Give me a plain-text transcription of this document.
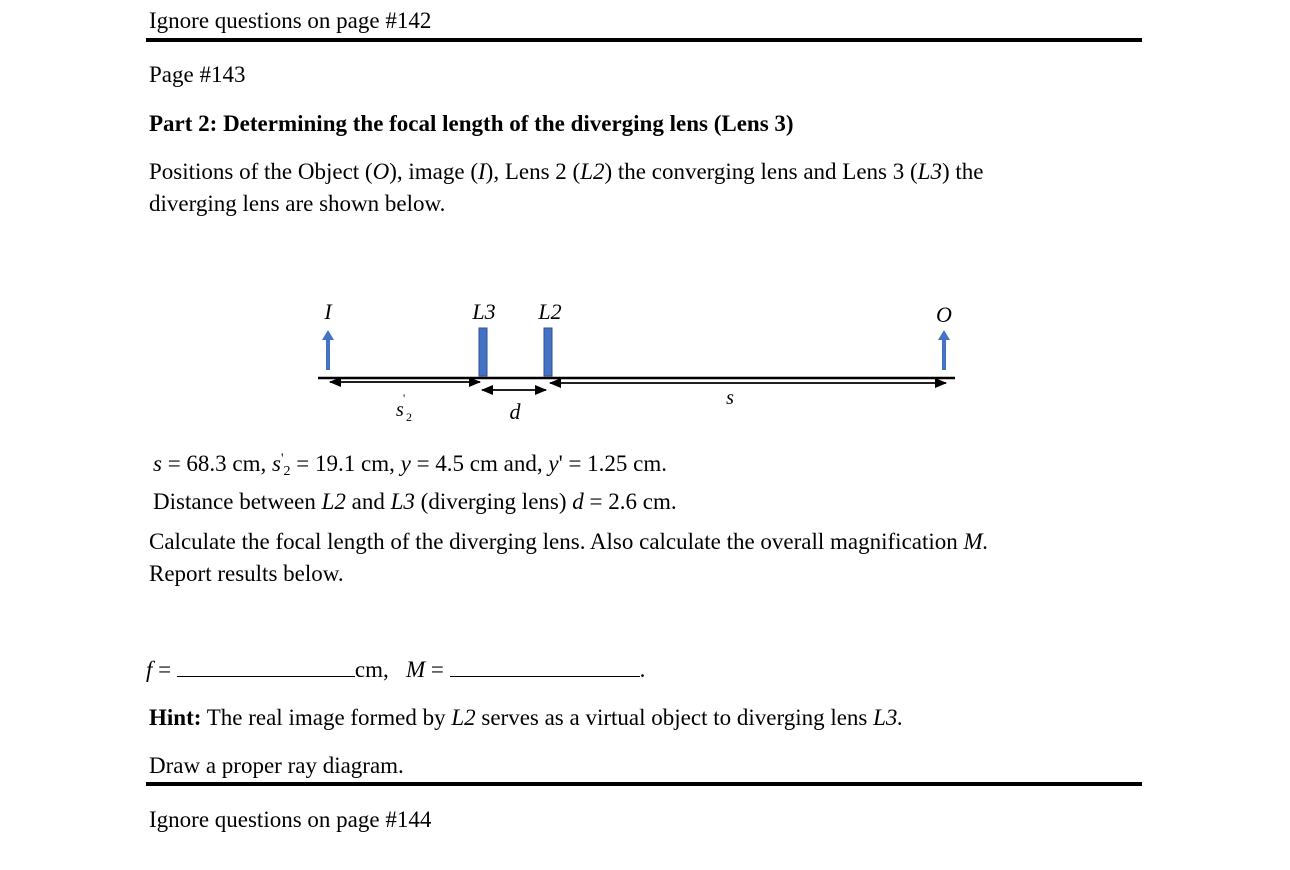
Ignore questions on page #142
Page #143
Part 2: Determining the focal length of the diverging lens (Lens 3)
Positions of the Object (O), image (I), Lens 2 (L2) the converging lens and Lens 3 (L3) the
diverging lens are shown below.
I	L3 L2	O
s
'
2	d
s
s = 68.3 cm, $s'_2 = 19.1$ cm, y = 4.5 cm and, y' = 1.25 cm.
Distance between L2 and L3 (diverging lens) d = 2.6 cm.
Calculate the focal length of the diverging lens. Also calculate the overall magnification M.
Report results below.
f =	cm, M =	.
Hint: The real image formed by L2 serves as a virtual object to diverging lens L3.
Draw a proper ray diagram.
Ignore questions on page #144
